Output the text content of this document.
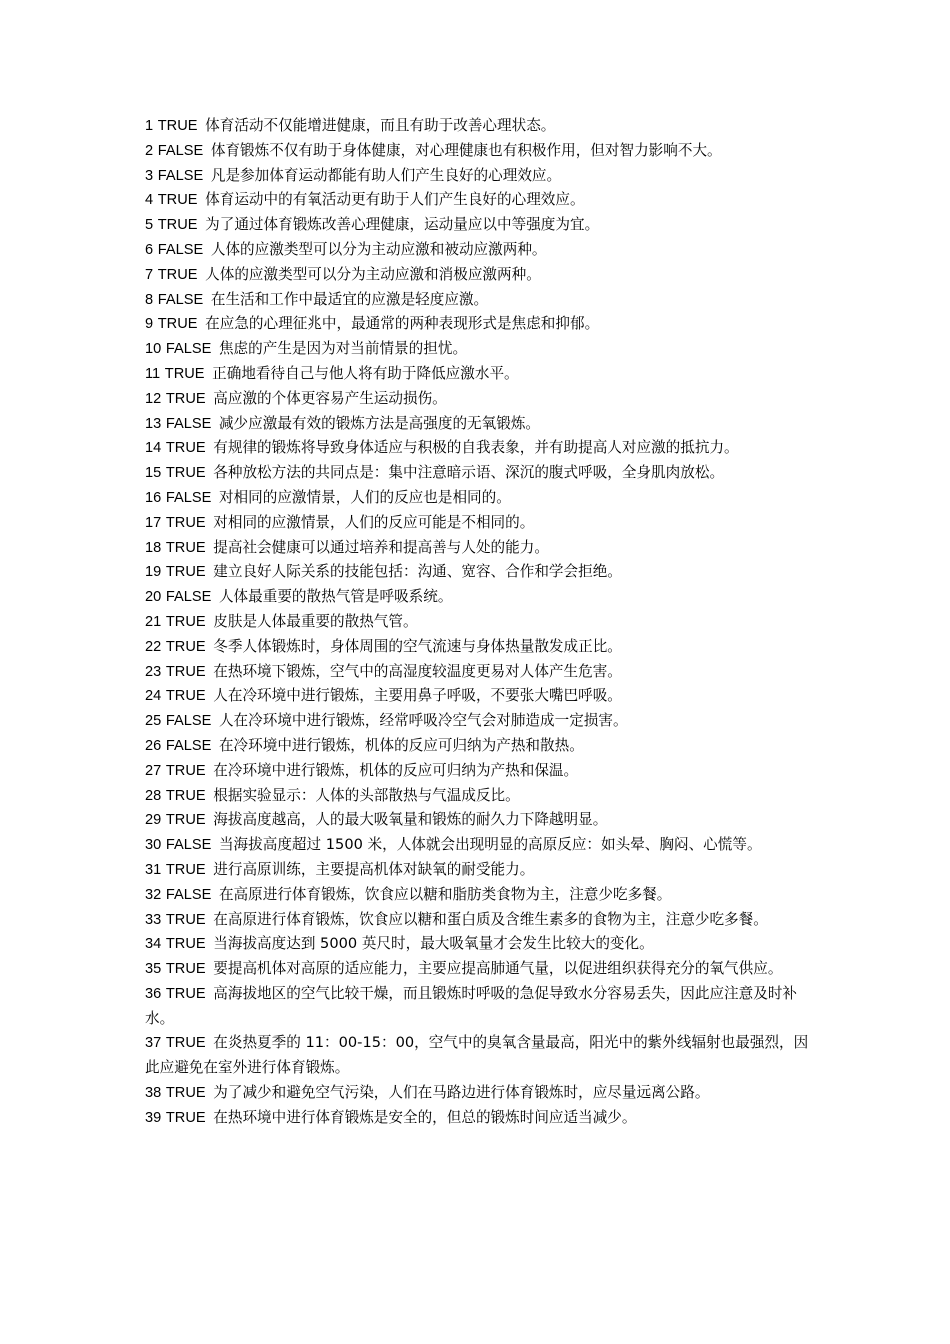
1 TRUE 体育活动不仅能增进健康，而且有助于改善心理状态。

2 FALSE 体育锻炼不仅有助于身体健康，对心理健康也有积极作用，但对智力影响不大。

3 FALSE 凡是参加体育运动都能有助人们产生良好的心理效应。

4 TRUE 体育运动中的有氧活动更有助于人们产生良好的心理效应。

5 TRUE 为了通过体育锻炼改善心理健康，运动量应以中等强度为宜。

6 FALSE 人体的应激类型可以分为主动应激和被动应激两种。

7 TRUE 人体的应激类型可以分为主动应激和消极应激两种。

8 FALSE 在生活和工作中最适宜的应激是轻度应激。

9 TRUE 在应急的心理征兆中，最通常的两种表现形式是焦虑和抑郁。

10 FALSE 焦虑的产生是因为对当前情景的担忧。

11 TRUE 正确地看待自己与他人将有助于降低应激水平。

12 TRUE 高应激的个体更容易产生运动损伤。

13 FALSE 减少应激最有效的锻炼方法是高强度的无氧锻炼。

14 TRUE 有规律的锻炼将导致身体适应与积极的自我表象，并有助提高人对应激的抵抗力。

15 TRUE 各种放松方法的共同点是：集中注意暗示语、深沉的腹式呼吸，全身肌肉放松。

16 FALSE 对相同的应激情景，人们的反应也是相同的。

17 TRUE 对相同的应激情景，人们的反应可能是不相同的。

18 TRUE 提高社会健康可以通过培养和提高善与人处的能力。

19 TRUE 建立良好人际关系的技能包括：沟通、宽容、合作和学会拒绝。

20 FALSE 人体最重要的散热气管是呼吸系统。

21 TRUE 皮肤是人体最重要的散热气管。

22 TRUE 冬季人体锻炼时，身体周围的空气流速与身体热量散发成正比。

23 TRUE 在热环境下锻炼，空气中的高湿度较温度更易对人体产生危害。

24 TRUE 人在冷环境中进行锻炼，主要用鼻子呼吸，不要张大嘴巴呼吸。

25 FALSE 人在冷环境中进行锻炼，经常呼吸冷空气会对肺造成一定损害。

26 FALSE 在冷环境中进行锻炼，机体的反应可归纳为产热和散热。

27 TRUE 在冷环境中进行锻炼，机体的反应可归纳为产热和保温。

28 TRUE 根据实验显示：人体的头部散热与气温成反比。

29 TRUE 海拔高度越高，人的最大吸氧量和锻炼的耐久力下降越明显。

30 FALSE 当海拔高度超过 1500 米，人体就会出现明显的高原反应：如头晕、胸闷、心慌等。

31 TRUE 进行高原训练，主要提高机体对缺氧的耐受能力。

32 FALSE 在高原进行体育锻炼，饮食应以糖和脂肪类食物为主，注意少吃多餐。

33 TRUE 在高原进行体育锻炼，饮食应以糖和蛋白质及含维生素多的食物为主，注意少吃多餐。

34 TRUE 当海拔高度达到 5000 英尺时，最大吸氧量才会发生比较大的变化。

35 TRUE 要提高机体对高原的适应能力，主要应提高肺通气量，以促进组织获得充分的氧气供应。

36 TRUE 高海拔地区的空气比较干燥，而且锻炼时呼吸的急促导致水分容易丢失，因此应注意及时补水。

37 TRUE 在炎热夏季的 11：00-15：00，空气中的臭氧含量最高，阳光中的紫外线辐射也最强烈，因此应避免在室外进行体育锻炼。

38 TRUE 为了减少和避免空气污染，人们在马路边进行体育锻炼时，应尽量远离公路。

39 TRUE 在热环境中进行体育锻炼是安全的，但总的锻炼时间应适当减少。
